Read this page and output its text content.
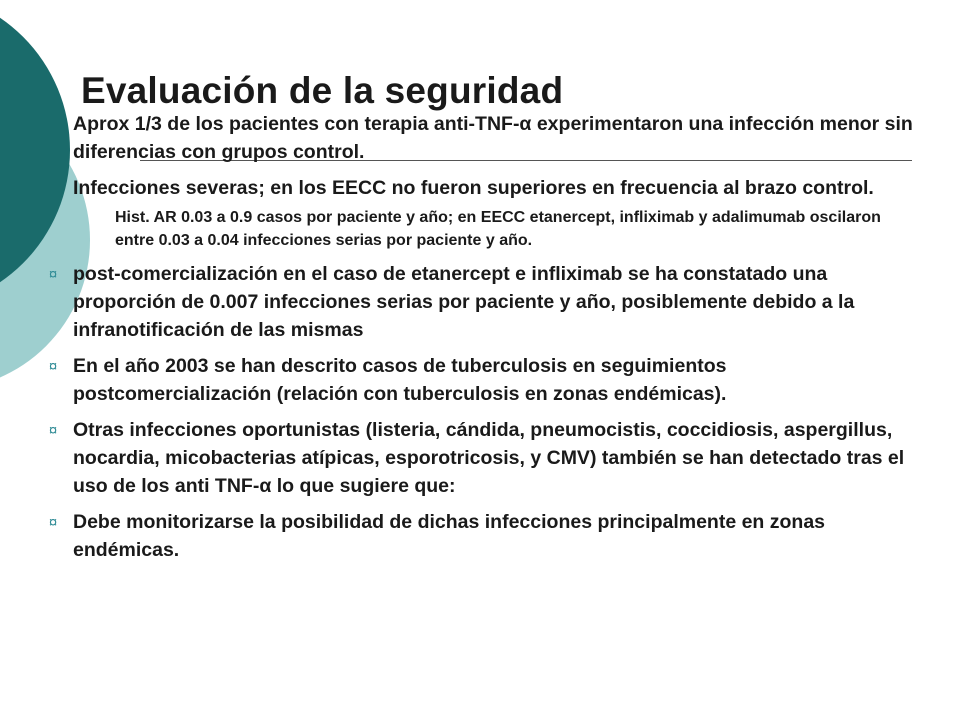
Evaluación de la seguridad
Aprox 1/3 de los pacientes con terapia anti-TNF-α experimentaron una infección menor sin diferencias con grupos control.
Infecciones severas; en los EECC no fueron superiores en frecuencia al brazo control.
Hist. AR 0.03 a 0.9 casos por paciente y año; en EECC etanercept, infliximab y adalimumab oscilaron entre 0.03 a 0.04 infecciones serias por paciente y año.
¤ post-comercialización en el caso de etanercept e infliximab se ha constatado una proporción de 0.007 infecciones serias por paciente y año, posiblemente debido a la infranotificación de las mismas
¤ En el año 2003 se han descrito casos de tuberculosis en seguimientos postcomercialización (relación con tuberculosis en zonas endémicas).
¤ Otras infecciones oportunistas (listeria, cándida, pneumocistis, coccidiosis, aspergillus, nocardia, micobacterias atípicas, esporotricosis, y CMV) también se han detectado tras el uso de los anti TNF-α lo que sugiere que:
¤ Debe monitorizarse la posibilidad de dichas infecciones principalmente en zonas endémicas.
